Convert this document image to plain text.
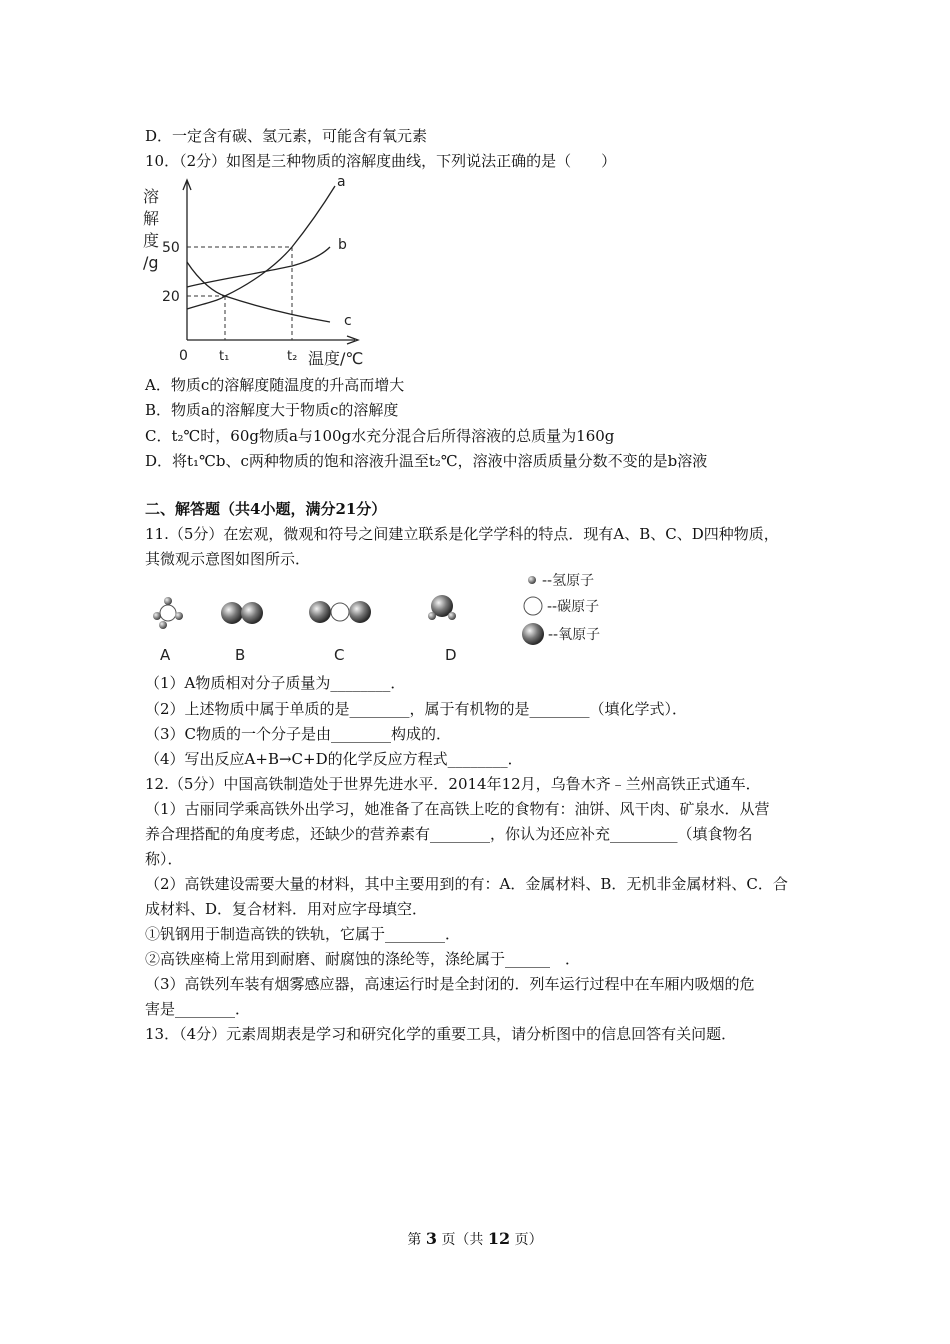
D．一定含有碳、氢元素，可能含有氧元素
10．（2分）如图是三种物质的溶解度曲线，下列说法正确的是（　　）
a
b
c
50
20
0 t₁	t₂ 温度/℃
溶
解
度
/g
A．物质c的溶解度随温度的升高而增大
B．物质a的溶解度大于物质c的溶解度
C．t₂℃时，60g物质a与100g水充分混合后所得溶液的总质量为160g
D．将t₁℃b、c两种物质的饱和溶液升温至t₂℃，溶液中溶质质量分数不变的是b溶液
二、解答题（共4小题，满分21分）
11.（5分）在宏观，微观和符号之间建立联系是化学学科的特点．现有A、B、C、D四种物质，
其微观示意图如图所示．
A	B	C	D
--氢原子
--碳原子
--氧原子
（1）A物质相对分子质量为________．
（2）上述物质中属于单质的是________，属于有机物的是________（填化学式）．
（3）C物质的一个分子是由________构成的．
（4）写出反应A+B→C+D的化学反应方程式________．
12.（5分）中国高铁制造处于世界先进水平．2014年12月，乌鲁木齐﹣兰州高铁正式通车．
（1）古丽同学乘高铁外出学习，她准备了在高铁上吃的食物有：油饼、风干肉、矿泉水．从营
养合理搭配的角度考虑，还缺少的营养素有________，你认为还应补充_________（填食物名
称）．
（2）高铁建设需要大量的材料，其中主要用到的有：A．金属材料、B．无机非金属材料、C．合
成材料、D．复合材料．用对应字母填空．
①钒钢用于制造高铁的铁轨，它属于________．
②高铁座椅上常用到耐磨、耐腐蚀的涤纶等，涤纶属于______　．
（3）高铁列车装有烟雾感应器，高速运行时是全封闭的．列车运行过程中在车厢内吸烟的危
害是________．
13．（4分）元素周期表是学习和研究化学的重要工具，请分析图中的信息回答有关问题．
第 3 页（共 12 页）
